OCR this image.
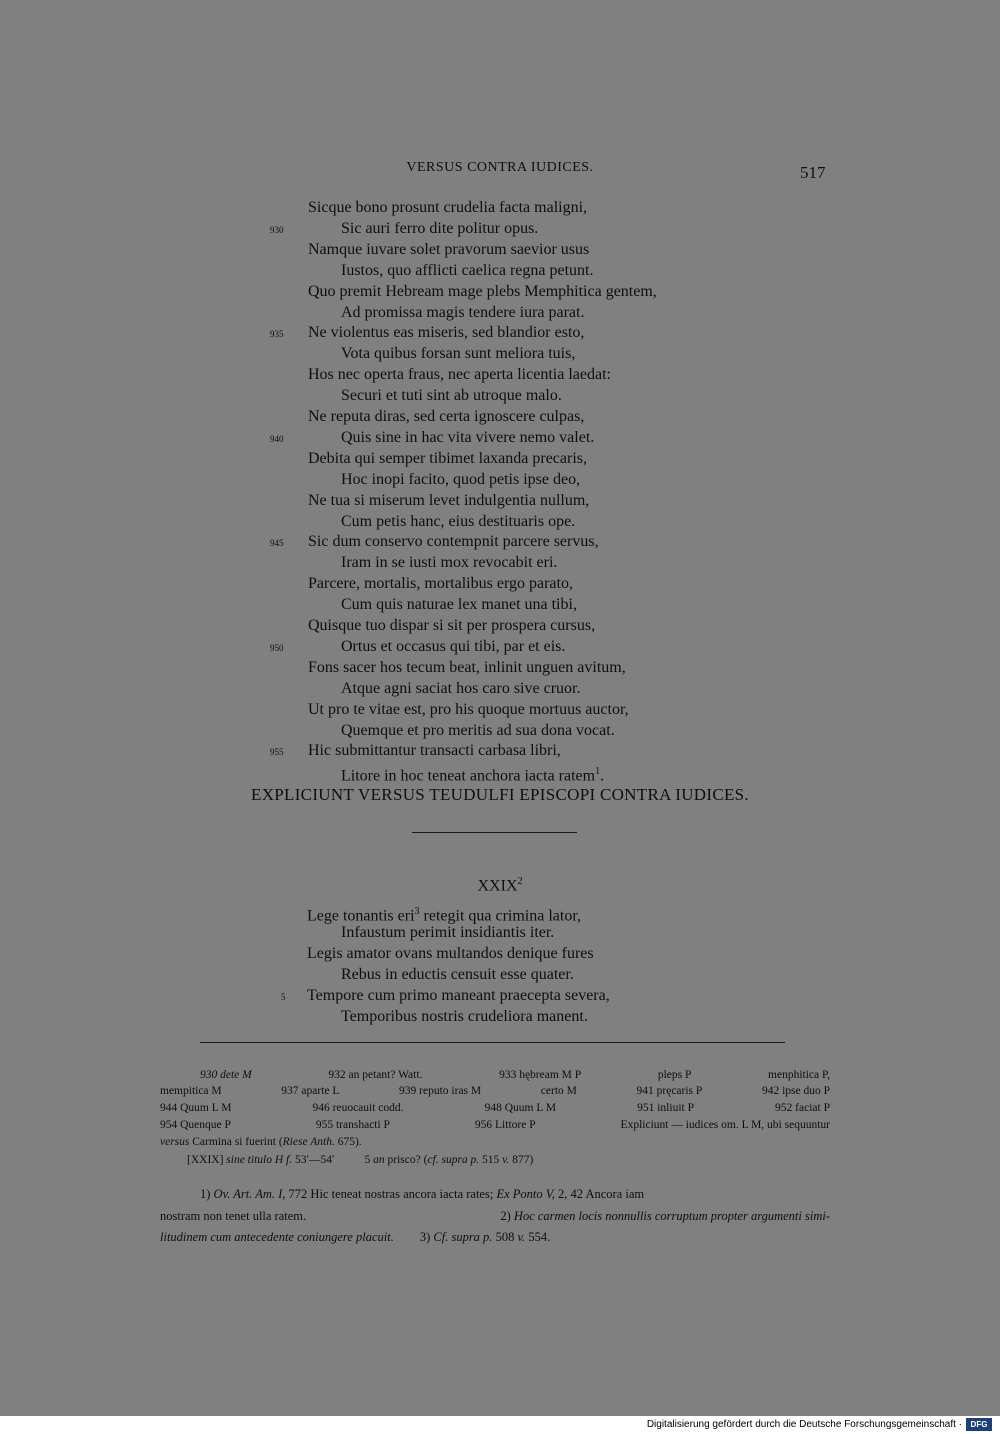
VERSUS CONTRA IUDICES.	517
Sicque bono prosunt crudelia facta maligni,
Sic auri ferro dite politur opus.
Namque iuvare solet pravorum saevior usus
Iustos, quo afflicti caelica regna petunt.
Quo premit Hebream mage plebs Memphitica gentem,
Ad promissa magis tendere iura parat.
Ne violentus eas miseris, sed blandior esto,
Vota quibus forsan sunt meliora tuis,
Hos nec operta fraus, nec aperta licentia laedat:
Securi et tuti sint ab utroque malo.
Ne reputa diras, sed certa ignoscere culpas,
Quis sine in hac vita vivere nemo valet.
Debita qui semper tibimet laxanda precaris,
Hoc inopi facito, quod petis ipse deo,
Ne tua si miserum levet indulgentia nullum,
Cum petis hanc, eius destituaris ope.
Sic dum conservo contempnit parcere servus,
Iram in se iusti mox revocabit eri.
Parcere, mortalis, mortalibus ergo parato,
Cum quis naturae lex manet una tibi,
Quisque tuo dispar si sit per prospera cursus,
Ortus et occasus qui tibi, par et eis.
Fons sacer hos tecum beat, inlinit unguen avitum,
Atque agni saciat hos caro sive cruor.
Ut pro te vitae est, pro his quoque mortuus auctor,
Quemque et pro meritis ad sua dona vocat.
Hic submittantur transacti carbasa libri,
Litore in hoc teneat anchora iacta ratem$^1$.
930
935
940
945
950
955
EXPLICIUNT VERSUS TEUDULFI EPISCOPI CONTRA IUDICES.
XXIX$^2$
Lege tonantis eri$^3$ retegit qua crimina lator,
Infaustum perimit insidiantis iter.
Legis amator ovans multandos denique fures
Rebus in eductis censuit esse quater.
Tempore cum primo maneant praecepta severa,
Temporibus nostris crudeliora manent.
5
930 dete M	932 an petant? Watt.	933 hębream M P	pleps P	menphitica P,
mempitica M	937 aparte L	939 reputo iras M	certo M	941 pręcaris P	942 ipse duo P
944 Quum L M	946 reuocauit codd.	948 Quum L M	951 inliuit P	952 faciat P
954 Quenque P	955 transhacti P	956 Littore P	Expliciunt — iudices om. L M, ubi sequuntur
versus Carmina si fuerint (Riese Anth. 675).
[XXIX] sine titulo H f. 53ʹ—54ʹ	5 an prisco? (cf. supra p. 515 v. 877)
1) Ov. Art. Am. I, 772 Hic teneat nostras ancora iacta rates; Ex Ponto V, 2, 42 Ancora iam
nostram non tenet ulla ratem.	2) Hoc carmen locis nonnullis corruptum propter argumenti simi-
litudinem cum antecedente coniungere placuit. 3) Cf. supra p. 508 v. 554.
Digitalisierung gefördert durch die Deutsche Forschungsgemeinschaft ·	DFG
